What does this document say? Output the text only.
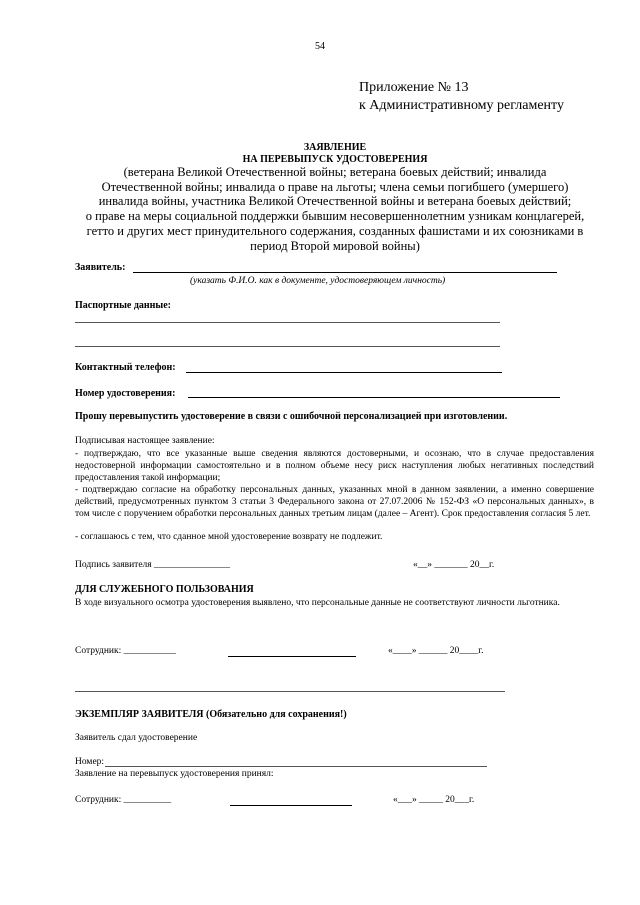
54
Приложение № 13
к Административному регламенту
ЗАЯВЛЕНИЕ
НА ПЕРЕВЫПУСК УДОСТОВЕРЕНИЯ
(ветерана Великой Отечественной войны; ветерана боевых действий; инвалида
Отечественной войны; инвалида о праве на льготы; члена семьи погибшего (умершего)
инвалида войны, участника Великой Отечественной войны и ветерана боевых действий;
о праве на меры социальной поддержки бывшим несовершеннолетним узникам концлагерей,
гетто и других мест принудительного содержания, созданных фашистами и их союзниками в
период Второй мировой войны)
Заявитель:
(указать Ф.И.О. как в документе, удостоверяющем личность)
Паспортные данные:
Контактный телефон:
Номер удостоверения:
Прошу перевыпустить удостоверение в связи с ошибочной персонализацией при изготовлении.
Подписывая настоящее заявление:
- подтверждаю, что все указанные выше сведения являются достоверными, и осознаю, что в случае предоставления недостоверной информации самостоятельно и в полном объеме несу риск наступления любых негативных последствий предоставления такой информации;
- подтверждаю согласие на обработку персональных данных, указанных мной в данном заявлении, а именно совершение действий, предусмотренных пунктом 3 статьи 3 Федерального закона от 27.07.2006 № 152-ФЗ «О персональных данных», в том числе с поручением обработки персональных данных третьим лицам (далее – Агент). Срок предоставления согласия 5 лет.
- соглашаюсь с тем, что сданное мной удостоверение возврату не подлежит.
Подпись заявителя ________________	«__» _______ 20__г.
ДЛЯ СЛУЖЕБНОГО ПОЛЬЗОВАНИЯ
В ходе визуального осмотра удостоверения выявлено, что персональные данные не соответствуют личности льготника.
Сотрудник: ___________	«____» ______ 20____г.
ЭКЗЕМПЛЯР ЗАЯВИТЕЛЯ (Обязательно для сохранения!)
Заявитель сдал удостоверение
Номер:
Заявление на перевыпуск удостоверения принял:
Сотрудник: __________	«___» _____ 20___г.
